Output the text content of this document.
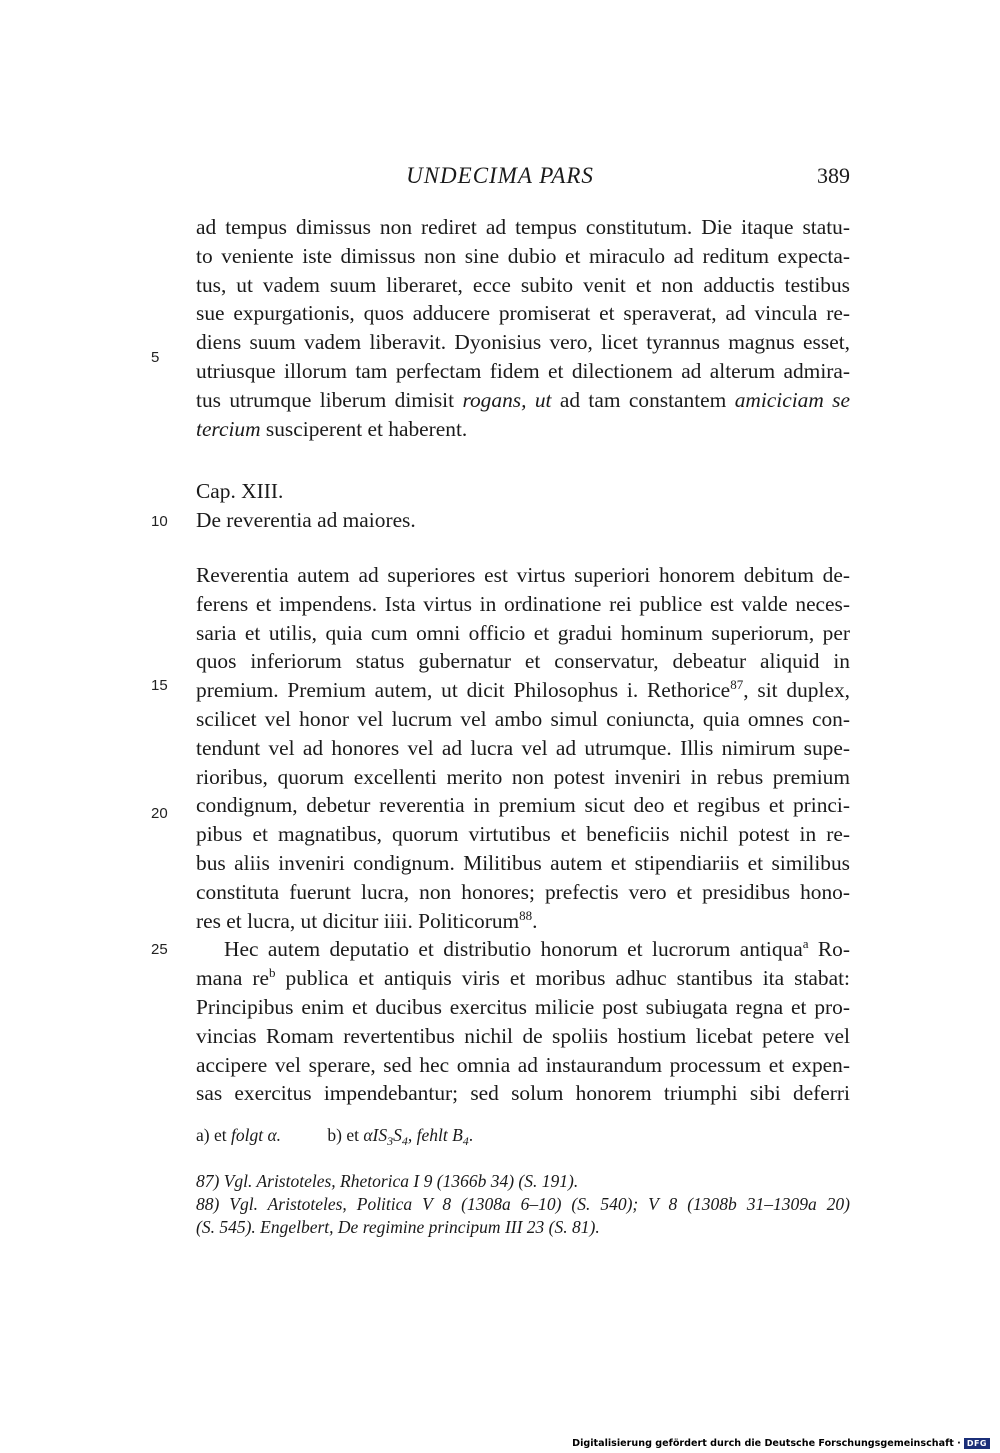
UNDECIMA PARS	389
ad tempus dimissus non rediret ad tempus constitutum. Die itaque statu-
to veniente iste dimissus non sine dubio et miraculo ad reditum expecta-
tus, ut vadem suum liberaret, ecce subito venit et non adductis testibus
sue expurgationis, quos adducere promiserat et speraverat, ad vincula re-
diens suum vadem liberavit. Dyonisius vero, licet tyrannus magnus esset,
utriusque illorum tam perfectam fidem et dilectionem ad alterum admira-
tus utrumque liberum dimisit rogans, ut ad tam constantem amiciciam se
tercium susciperent et haberent.
Cap. XIII.
De reverentia ad maiores.
Reverentia autem ad superiores est virtus superiori honorem debitum de-
ferens et impendens. Ista virtus in ordinatione rei publice est valde neces-
saria et utilis, quia cum omni officio et gradui hominum superiorum, per
quos inferiorum status gubernatur et conservatur, debeatur aliquid in
premium. Premium autem, ut dicit Philosophus i. Rethorice$^{87}$, sit duplex,
scilicet vel honor vel lucrum vel ambo simul coniuncta, quia omnes con-
tendunt vel ad honores vel ad lucra vel ad utrumque. Illis nimirum supe-
rioribus, quorum excellenti merito non potest inveniri in rebus premium
condignum, debetur reverentia in premium sicut deo et regibus et princi-
pibus et magnatibus, quorum virtutibus et beneficiis nichil potest in re-
bus aliis inveniri condignum. Militibus autem et stipendiariis et similibus
constituta fuerunt lucra, non honores; prefectis vero et presidibus hono-
res et lucra, ut dicitur iiii. Politicorum$^{88}$.
Hec autem deputatio et distributio honorum et lucrorum antiqua$^a$ Ro-
mana $re^b$ publica et antiquis viris et moribus adhuc stantibus ita stabat:
Principibus enim et ducibus exercitus milicie post subiugata regna et pro-
vincias Romam revertentibus nichil de spoliis hostium licebat petere vel
accipere vel sperare, sed hec omnia ad instaurandum processum et expen-
sas exercitus impendebantur; sed solum honorem triumphi sibi deferri
5
10
15
20
25
a) et folgt α.	b) et $\alpha IS_3S_4$, fehlt $B_4$.
87) Vgl. Aristoteles, Rhetorica I 9 (1366b 34) (S. 191).
88) Vgl. Aristoteles, Politica V 8 (1308a 6–10) (S. 540); V 8 (1308b 31–1309a 20)
(S. 545). Engelbert, De regimine principum III 23 (S. 81).
Digitalisierung gefördert durch die Deutsche Forschungsgemeinschaft · DFG
